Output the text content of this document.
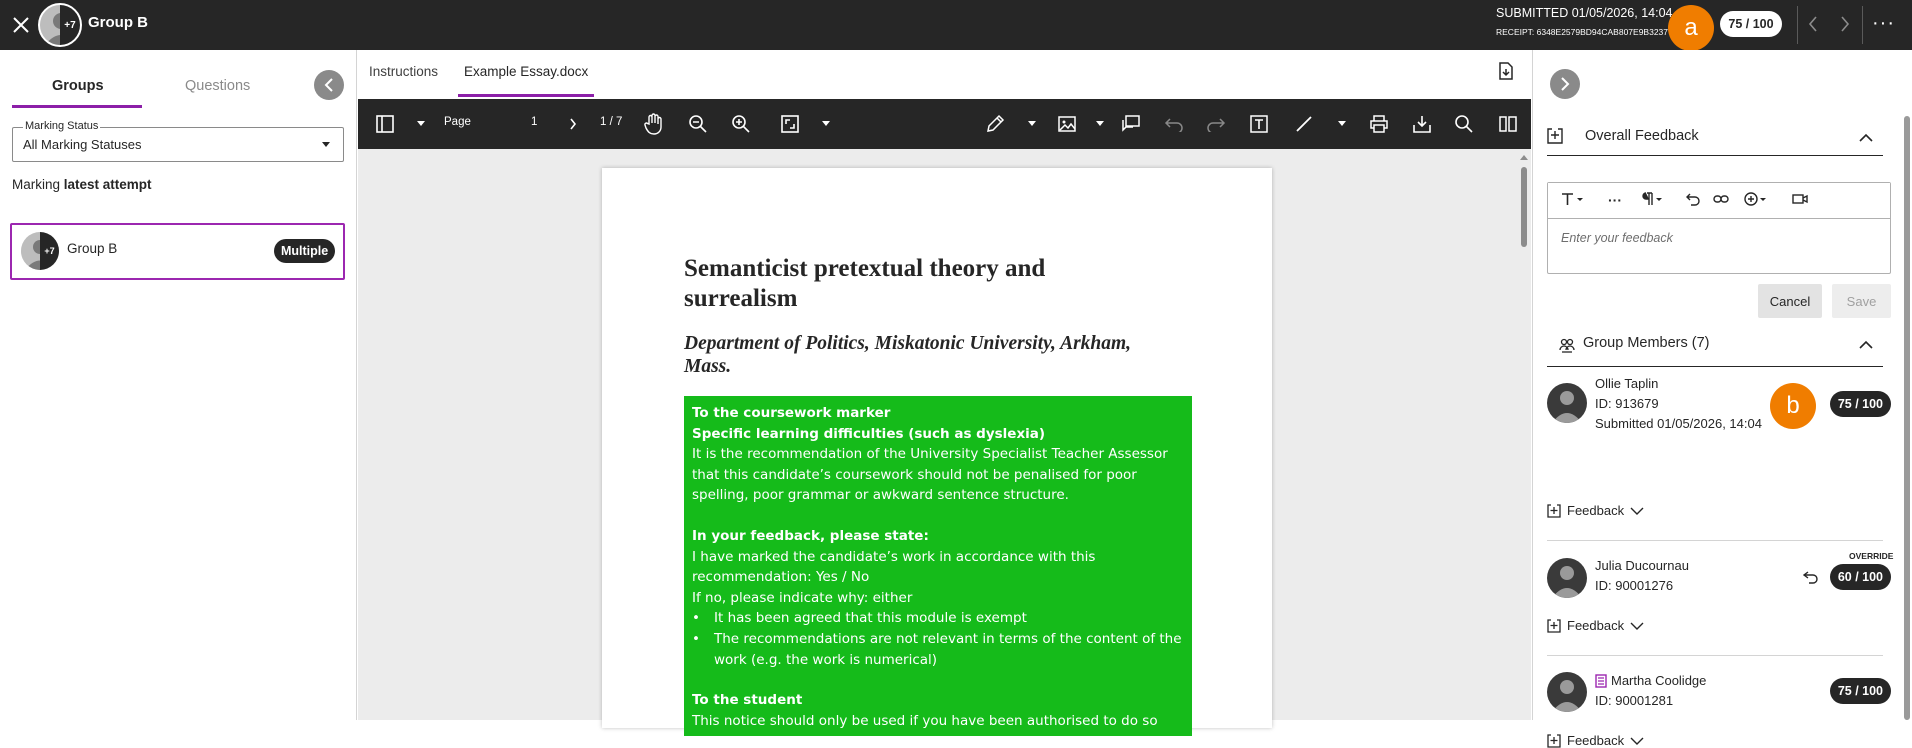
+7 Group B
SUBMITTED 01/05/2026, 14:04
RECEIPT: 6348E2579BD94CAB807E9B3237
75 / 100	···
a
Groups	Questions
Marking Status
All Marking Statuses
Marking latest attempt
+7 Group B	Multiple
Instructions Example Essay.docx
Page	1	1 / 7
Semanticist pretextual theory and surrealism
Department of Politics, Miskatonic University, Arkham, Mass.
To the coursework marker
Specific learning difficulties (such as dyslexia)
It is the recommendation of the University Specialist Teacher Assessor that this candidate’s coursework should not be penalised for poor spelling, poor grammar or awkward sentence structure.
In your feedback, please state:
I have marked the candidate’s work in accordance with this recommendation: Yes / No
If no, please indicate why: either
• It has been agreed that this module is exempt
• The recommendations are not relevant in terms of the content of the work (e.g. the work is numerical)
To the student
This notice should only be used if you have been authorised to do so
Overall Feedback
···
Enter your feedback
Cancel	Save
Group Members (7)
Ollie Taplin
ID: 913679
Submitted 01/05/2026, 14:04
75 / 100
Feedback
Julia Ducournau
ID: 90001276
OVERRIDE
60 / 100
Feedback
Martha Coolidge
ID: 90001281
75 / 100
Feedback
b
